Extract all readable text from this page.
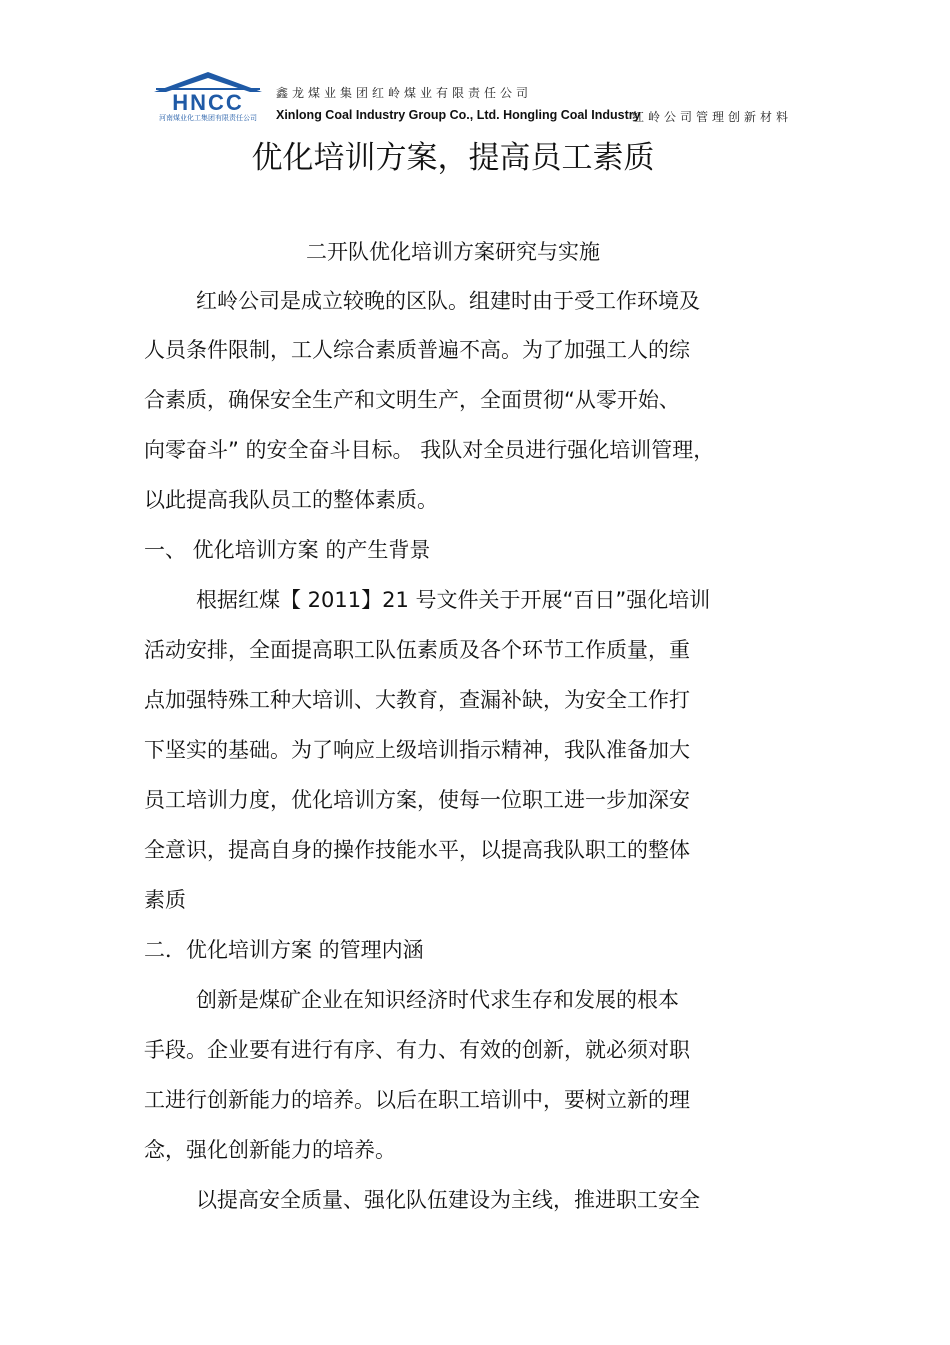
HNCC
河南煤业化工集团有限责任公司
鑫龙煤业集团红岭煤业有限责任公司
Xinlong Coal Industry Group Co., Ltd. Hongling Coal Industry
红岭公司管理创新材料
优化培训方案，提高员工素质
二开队优化培训方案研究与实施
红岭公司是成立较晚的区队。组建时由于受工作环境及
人员条件限制，工人综合素质普遍不高。为了加强工人的综
合素质，确保安全生产和文明生产，全面贯彻“从零开始、
向零奋斗” 的安全奋斗目标。 我队对全员进行强化培训管理，
以此提高我队员工的整体素质。
一、 优化培训方案 的产生背景
根据红煤【 2011】21 号文件关于开展“百日”强化培训
活动安排，全面提高职工队伍素质及各个环节工作质量，重
点加强特殊工种大培训、大教育，查漏补缺，为安全工作打
下坚实的基础。为了响应上级培训指示精神，我队准备加大
员工培训力度，优化培训方案，使每一位职工进一步加深安
全意识，提高自身的操作技能水平，以提高我队职工的整体
素质
二．优化培训方案 的管理内涵
创新是煤矿企业在知识经济时代求生存和发展的根本
手段。企业要有进行有序、有力、有效的创新，就必须对职
工进行创新能力的培养。以后在职工培训中，要树立新的理
念，强化创新能力的培养。
以提高安全质量、强化队伍建设为主线，推进职工安全
